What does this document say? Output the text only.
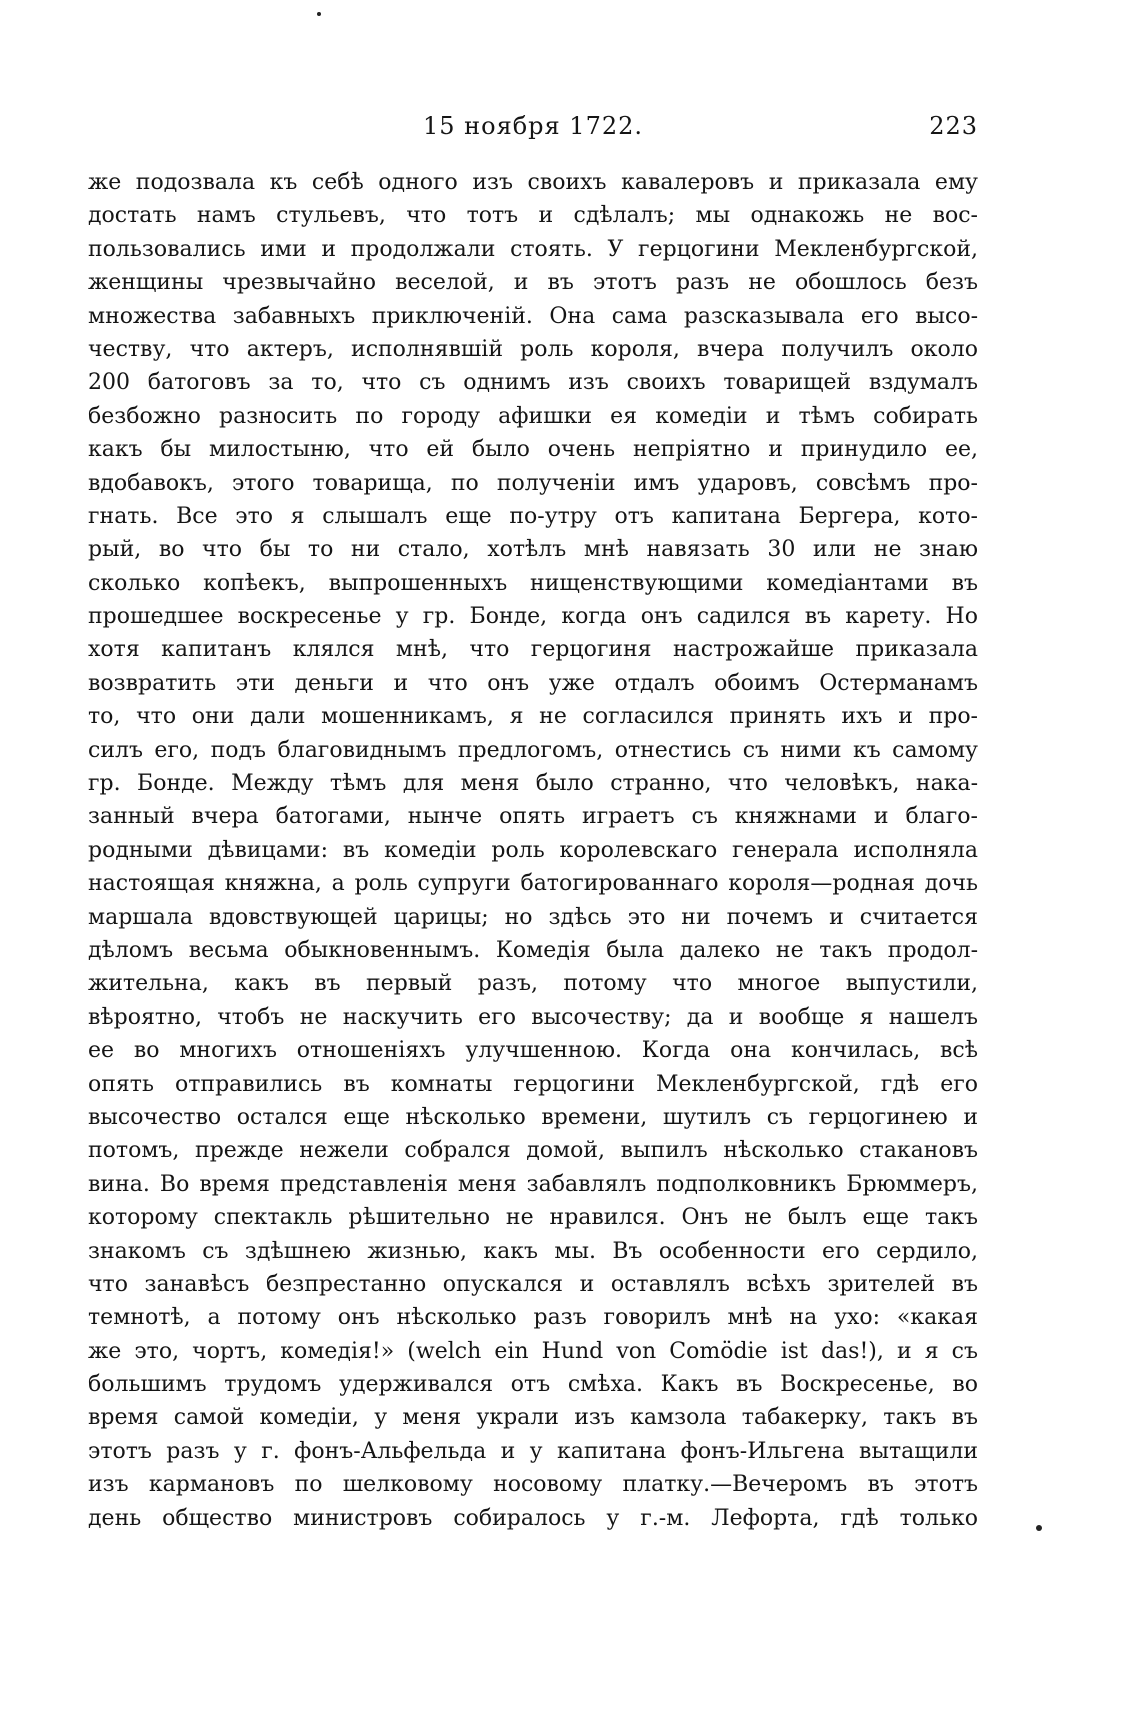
15 ноября 1722.	223
же подозвала къ себѣ одного изъ своихъ кавалеровъ и приказала ему
достать намъ стульевъ, что тотъ и сдѣлалъ; мы однакожь не вос-
пользовались ими и продолжали стоять. У герцогини Мекленбургской,
женщины чрезвычайно веселой, и въ этотъ разъ не обошлось безъ
множества забавныхъ приключеній. Она сама разсказывала его высо-
честву, что актеръ, исполнявшій роль короля, вчера получилъ около
200 батоговъ за то, что съ однимъ изъ своихъ товарищей вздумалъ
безбожно разносить по городу афишки ея комедіи и тѣмъ собирать
какъ бы милостыню, что ей было очень непріятно и принудило ее,
вдобавокъ, этого товарища, по полученіи имъ ударовъ, совсѣмъ про-
гнать. Все это я слышалъ еще по-утру отъ капитана Бергера, кото-
рый, во что бы то ни стало, хотѣлъ мнѣ навязать 30 или не знаю
сколько копѣекъ, выпрошенныхъ нищенствующими комедіантами въ
прошедшее воскресенье у гр. Бонде, когда онъ садился въ карету. Но
хотя капитанъ клялся мнѣ, что герцогиня настрожайше приказала
возвратить эти деньги и что онъ уже отдалъ обоимъ Остерманамъ
то, что они дали мошенникамъ, я не согласился принять ихъ и про-
силъ его, подъ благовиднымъ предлогомъ, отнестись съ ними къ самому
гр. Бонде. Между тѣмъ для меня было странно, что человѣкъ, нака-
занный вчера батогами, нынче опять играетъ съ княжнами и благо-
родными дѣвицами: въ комедіи роль королевскаго генерала исполняла
настоящая княжна, а роль супруги батогированнаго короля—родная дочь
маршала вдовствующей царицы; но здѣсь это ни почемъ и считается
дѣломъ весьма обыкновеннымъ. Комедія была далеко не такъ продол-
жительна, какъ въ первый разъ, потому что многое выпустили,
вѣроятно, чтобъ не наскучить его высочеству; да и вообще я нашелъ
ее во многихъ отношеніяхъ улучшенною. Когда она кончилась, всѣ
опять отправились въ комнаты герцогини Мекленбургской, гдѣ его
высочество остался еще нѣсколько времени, шутилъ съ герцогинею и
потомъ, прежде нежели собрался домой, выпилъ нѣсколько стакановъ
вина. Во время представленія меня забавлялъ подполковникъ Брюммеръ,
которому спектакль рѣшительно не нравился. Онъ не былъ еще такъ
знакомъ съ здѣшнею жизнью, какъ мы. Въ особенности его сердило,
что занавѣсъ безпрестанно опускался и оставлялъ всѣхъ зрителей въ
темнотѣ, а потому онъ нѣсколько разъ говорилъ мнѣ на ухо: «какая
же это, чортъ, комедія!» (welch ein Hund von Comödie ist das!), и я съ
большимъ трудомъ удерживался отъ смѣха. Какъ въ Воскресенье, во
время самой комедіи, у меня украли изъ камзола табакерку, такъ въ
этотъ разъ у г. фонъ-Альфельда и у капитана фонъ-Ильгена вытащили
изъ кармановъ по шелковому носовому платку.—Вечеромъ въ этотъ
день общество министровъ собиралось у г.-м. Лефорта, гдѣ только
